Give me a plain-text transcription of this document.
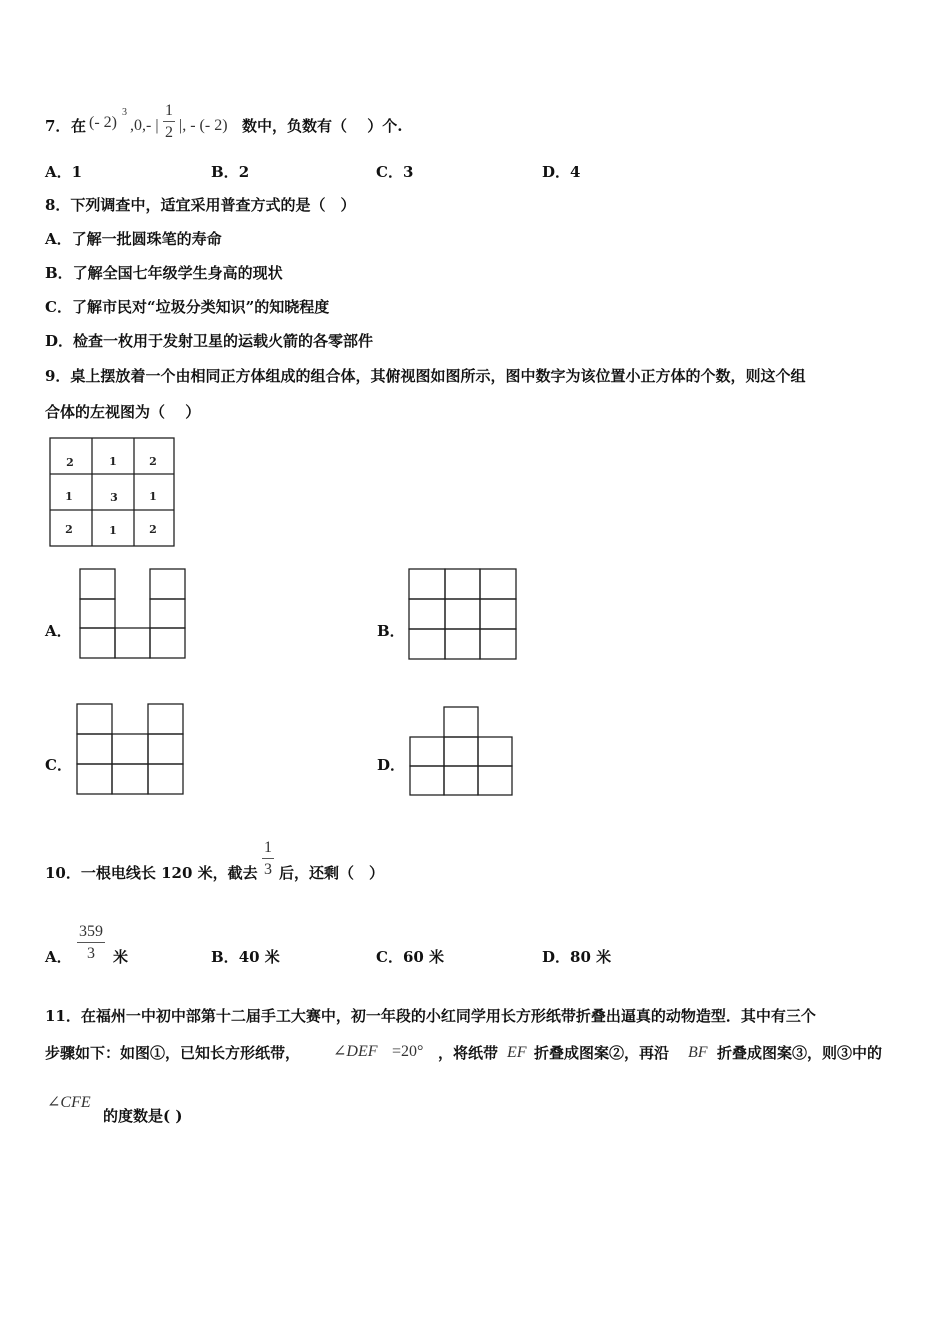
7． 在 (- 2)
3
,0,- | $\frac{1}{2}$ |, - (- 2) 数中，负数有（　 ）个.
A．1	B．2	C．3	D．4
8．下列调查中，适宜采用普查方式的是（　）
A．了解一批圆珠笔的寿命
B．了解全国七年级学生身高的现状
C．了解市民对“垃圾分类知识”的知晓程度
D．检查一枚用于发射卫星的运载火箭的各零部件
9．桌上摆放着一个由相同正方体组成的组合体，其俯视图如图所示，图中数字为该位置小正方体的个数，则这个组
合体的左视图为（　 ）
2	1	2
1	3	1
2	1	2
A．	B．
C．	D．
10．一根电线长 120 米，截去 $\frac{1}{3}$ 后，还剩（　）
A． $\frac{359}{3}$ 米	B．40 米	C．60 米	D．80 米
11．在福州一中初中部第十二届手工大赛中，初一年段的小红同学用长方形纸带折叠出逼真的动物造型．其中有三个
步骤如下：如图①，已知长方形纸带， ∠DEF =20° ，将纸带 EF 折叠成图案②，再沿 BF 折叠成图案③，则③中的
∠CFE
的度数是( )
